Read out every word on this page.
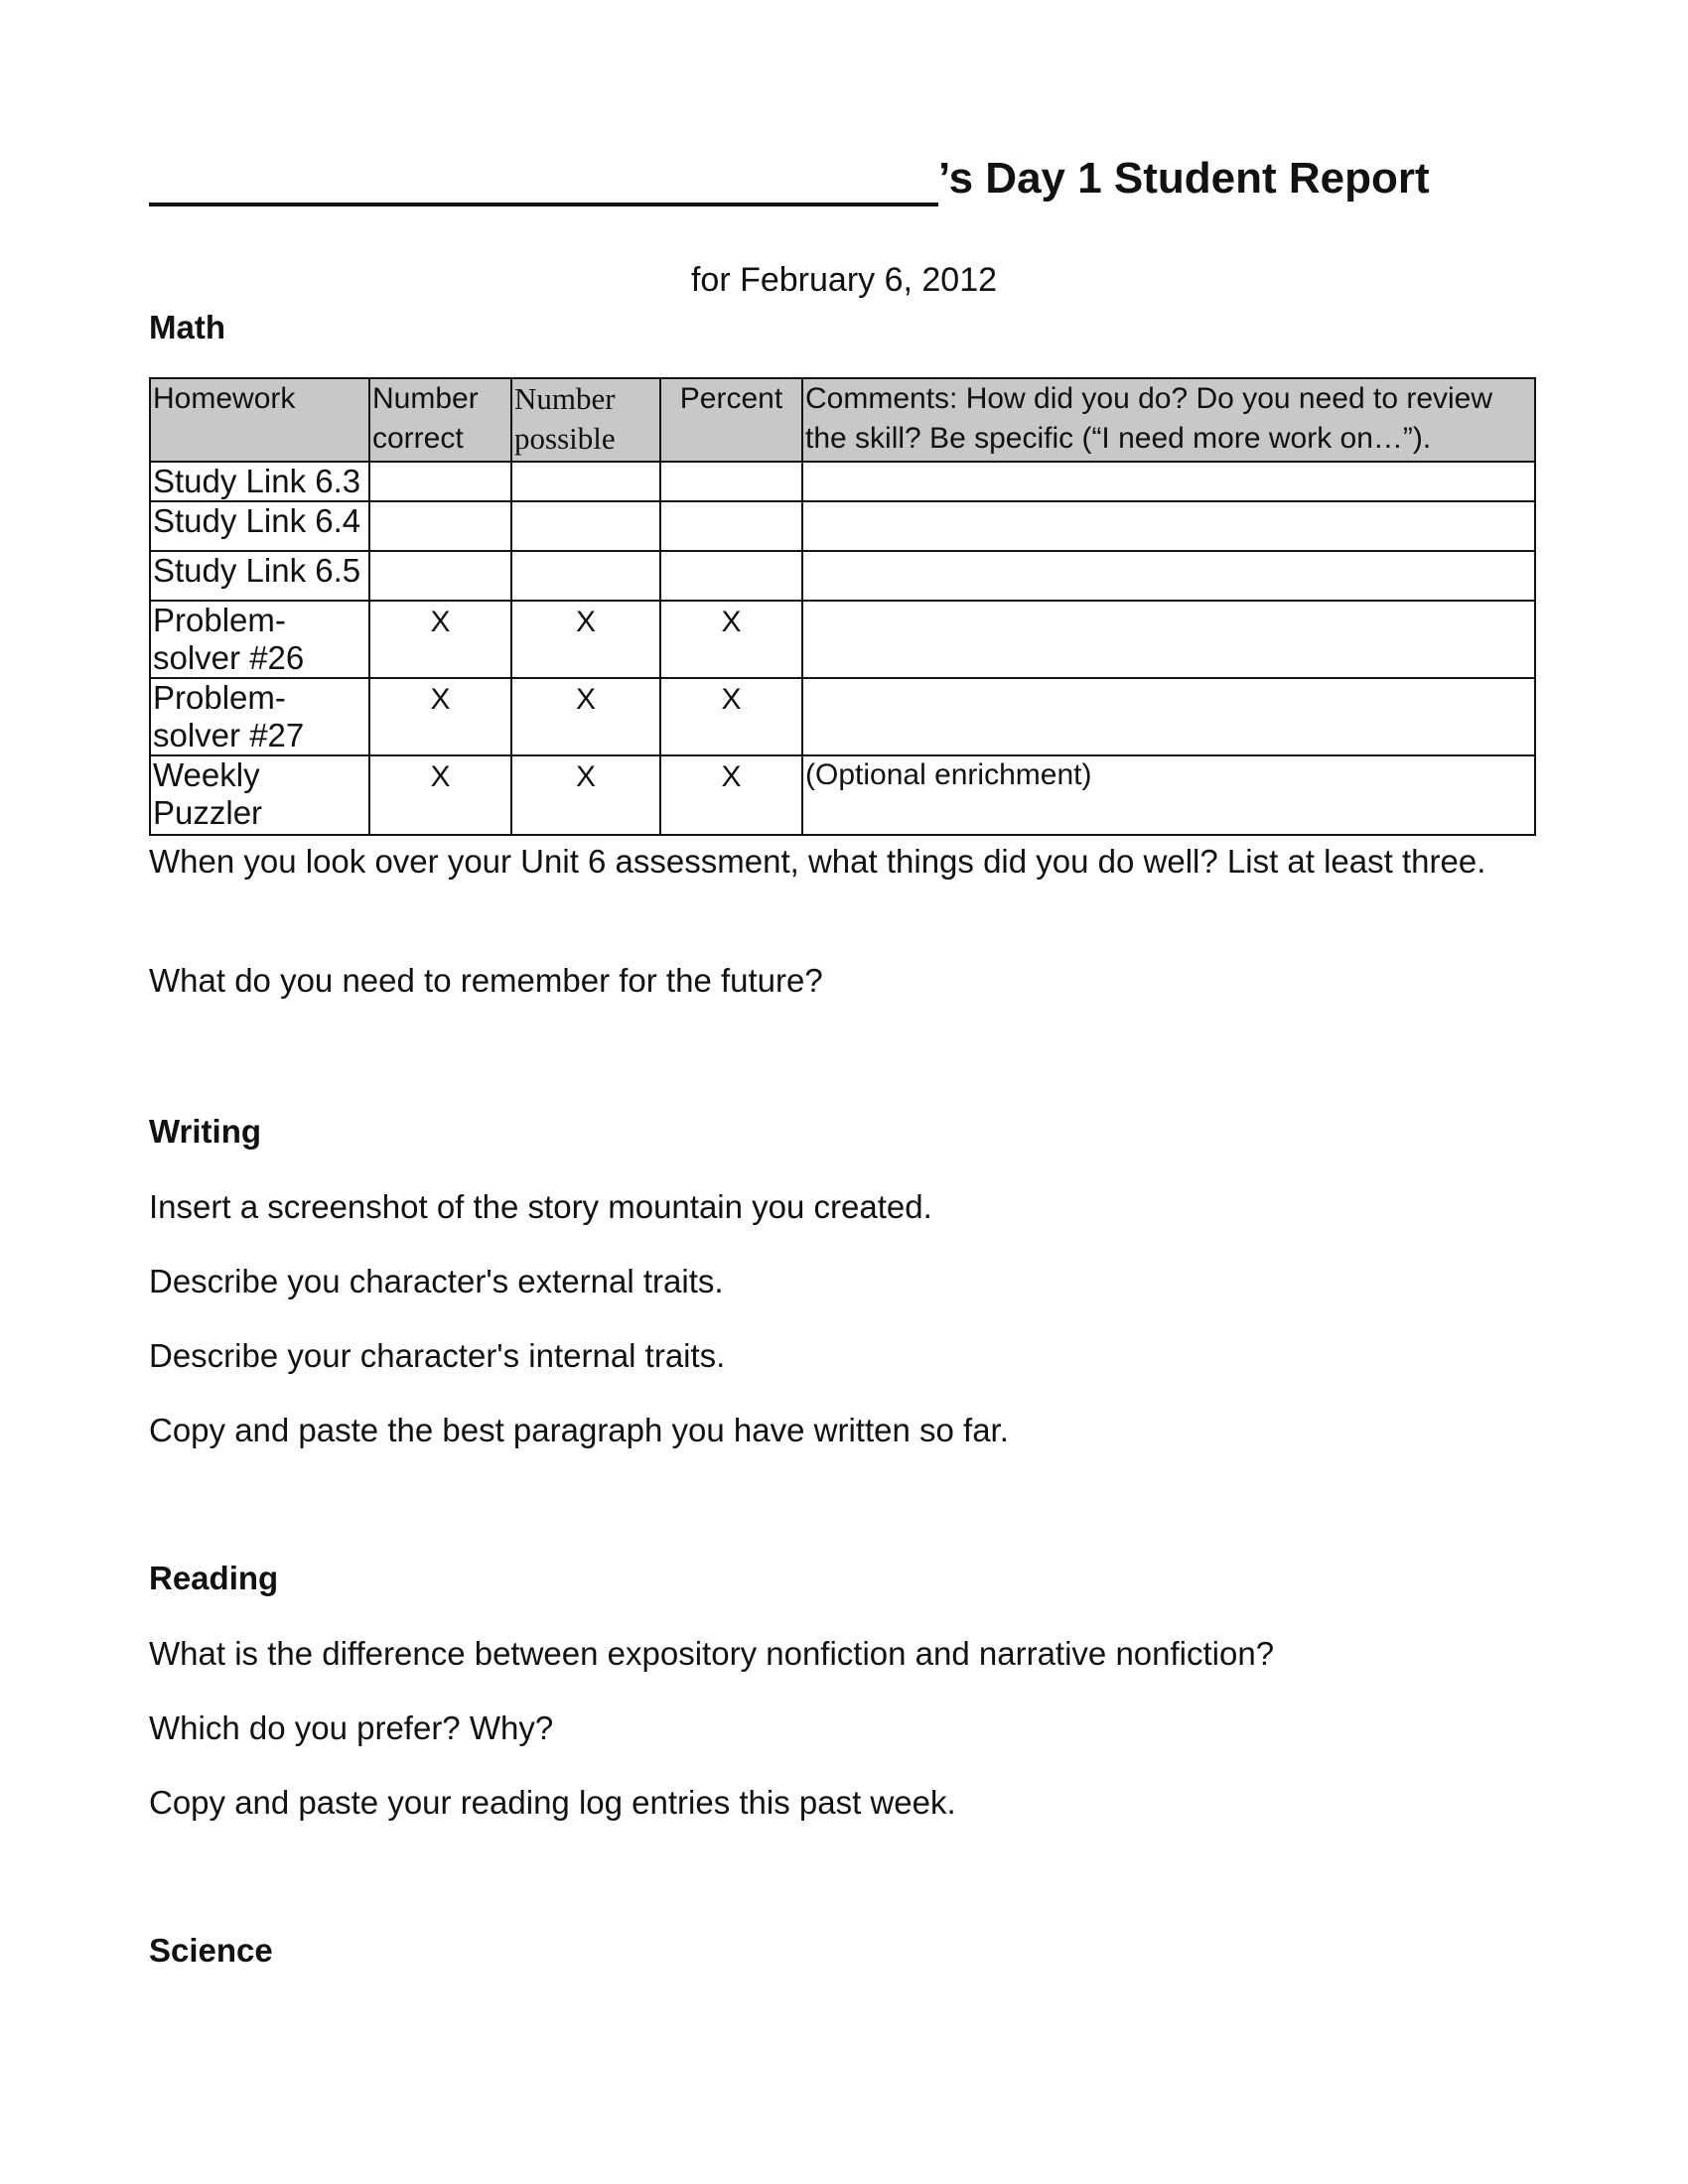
’s Day 1 Student Report
for February 6, 2012
Math
Homework	Number correct	Number possible	Percent	Comments: How did you do? Do you need to review the skill? Be specific (“I need more work on…”).
Study Link 6.3				
Study Link 6.4				
Study Link 6.5				
Problem-solver #26	X	X	X	
Problem-solver #27	X	X	X	
Weekly Puzzler	X	X	X	(Optional enrichment)
When you look over your Unit 6 assessment, what things did you do well? List at least three.
What do you need to remember for the future?
Writing
Insert a screenshot of the story mountain you created.
Describe you character's external traits.
Describe your character's internal traits.
Copy and paste the best paragraph you have written so far.
Reading
What is the difference between expository nonfiction and narrative nonfiction?
Which do you prefer? Why?
Copy and paste your reading log entries this past week.
Science
